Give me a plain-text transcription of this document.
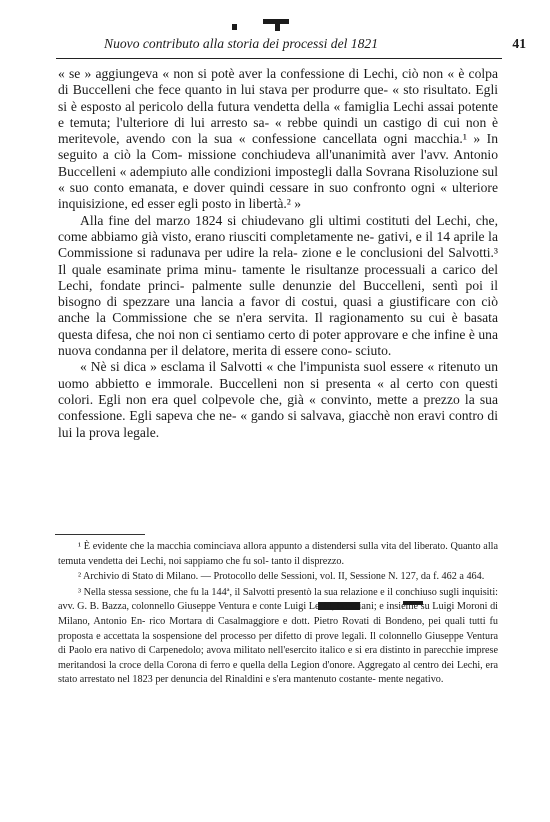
Nuovo contributo alla storia dei processi del 1821	41

« se » aggiungeva « non si potè aver la confessione di Lechi, ciò non « è colpa di Buccelleni che fece quanto in lui stava per produrre que- « sto risultato. Egli si è esposto al pericolo della futura vendetta della « famiglia Lechi assai potente e temuta; l'ulteriore di lui arresto sa- « rebbe quindi un castigo di cui non è meritevole, avendo con la sua « confessione cancellata ogni macchia.¹ » In seguito a ciò la Com- missione conchiudeva all'unanimità aver l'avv. Antonio Buccelleni « adempiuto alle condizioni impostegli dalla Sovrana Risoluzione sul « suo conto emanata, e dover quindi cessare in suo confronto ogni « ulteriore inquisizione, ed esser egli posto in libertà.² »

Alla fine del marzo 1824 si chiudevano gli ultimi costituti del Lechi, che, come abbiamo già visto, erano riusciti completamente ne- gativi, e il 14 aprile la Commissione si radunava per udire la rela- zione e le conclusioni del Salvotti.³ Il quale esaminate prima minu- tamente le risultanze processuali a carico del Lechi, fondate princi- palmente sulle denunzie del Buccelleni, sentì poi il bisogno di spezzare una lancia a favor di costui, quasi a giustificare con ciò anche la Commissione che se n'era servita. Il ragionamento su cui è basata questa difesa, che noi non ci sentiamo certo di poter approvare e che infine è una nuova condanna per il delatore, merita di essere cono- sciuto.

« Nè si dica » esclama il Salvotti « che l'impunista suol essere « ritenuto un uomo abbietto e immorale. Buccelleni non si presenta « al certo con questi colori. Egli non era quel colpevole che, già « convinto, mette a prezzo la sua confessione. Egli sapeva che ne- « gando si salvava, giacchè non eravi contro di lui la prova legale.

¹ È evidente che la macchia cominciava allora appunto a distendersi sulla vita del liberato. Quanto alla temuta vendetta dei Lechi, noi sappiamo che fu sol- tanto il disprezzo.

² Archivio di Stato di Milano. — Protocollo delle Sessioni, vol. II, Sessione N. 127, da f. 462 a 464.

³ Nella stessa sessione, che fu la 144ª, il Salvotti presentò la sua relazione e il conchiuso sugli inquisiti: avv. G. B. Bazza, colonnello Giuseppe Ventura e conte Luigi Lechi, bresciani; e insieme su Luigi Moroni di Milano, Antonio En- rico Mortara di Casalmaggiore e dott. Pietro Rovati di Bondeno, pei quali tutti fu proposta e accettata la sospensione del processo per difetto di prove legali. Il colonnello Giuseppe Ventura di Paolo era nativo di Carpenedolo; avova militato nell'esercito italico e si era distinto in parecchie imprese meritandosi la croce della Corona di ferro e quella della Legion d'onore. Aggregato al centro dei Lechi, era stato arrestato nel 1823 per denuncia del Rinaldini e s'era mantenuto costante- mente negativo.
